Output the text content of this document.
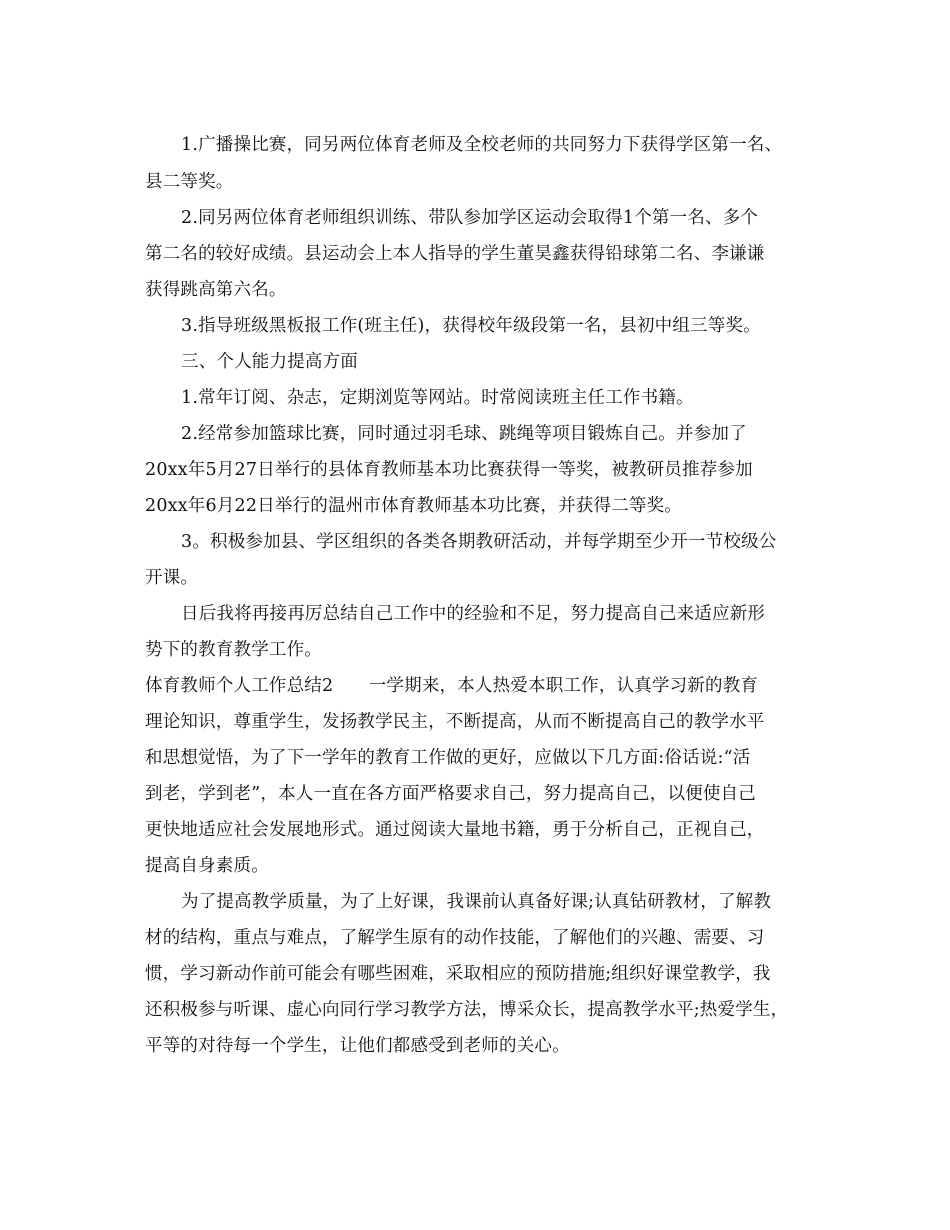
1.广播操比赛，同另两位体育老师及全校老师的共同努力下获得学区第一名、
县二等奖。
2.同另两位体育老师组织训练、带队参加学区运动会取得1个第一名、多个
第二名的较好成绩。县运动会上本人指导的学生董昊鑫获得铅球第二名、李谦谦
获得跳高第六名。
3.指导班级黑板报工作(班主任)，获得校年级段第一名，县初中组三等奖。
三、个人能力提高方面
1.常年订阅、杂志，定期浏览等网站。时常阅读班主任工作书籍。
2.经常参加篮球比赛，同时通过羽毛球、跳绳等项目锻炼自己。并参加了
20xx年5月27日举行的县体育教师基本功比赛获得一等奖，被教研员推荐参加
20xx年6月22日举行的温州市体育教师基本功比赛，并获得二等奖。
3。积极参加县、学区组织的各类各期教研活动，并每学期至少开一节校级公
开课。
日后我将再接再厉总结自己工作中的经验和不足，努力提高自己来适应新形
势下的教育教学工作。
体育教师个人工作总结2　　一学期来，本人热爱本职工作，认真学习新的教育
理论知识，尊重学生，发扬教学民主，不断提高，从而不断提高自己的教学水平
和思想觉悟，为了下一学年的教育工作做的更好，应做以下几方面:俗话说:“活
到老，学到老”，本人一直在各方面严格要求自己，努力提高自己，以便使自己
更快地适应社会发展地形式。通过阅读大量地书籍，勇于分析自己，正视自己，
提高自身素质。
为了提高教学质量，为了上好课，我课前认真备好课;认真钻研教材，了解教
材的结构，重点与难点，了解学生原有的动作技能，了解他们的兴趣、需要、习
惯，学习新动作前可能会有哪些困难，采取相应的预防措施;组织好课堂教学，我
还积极参与听课、虚心向同行学习教学方法，博采众长，提高教学水平;热爱学生，
平等的对待每一个学生，让他们都感受到老师的关心。
